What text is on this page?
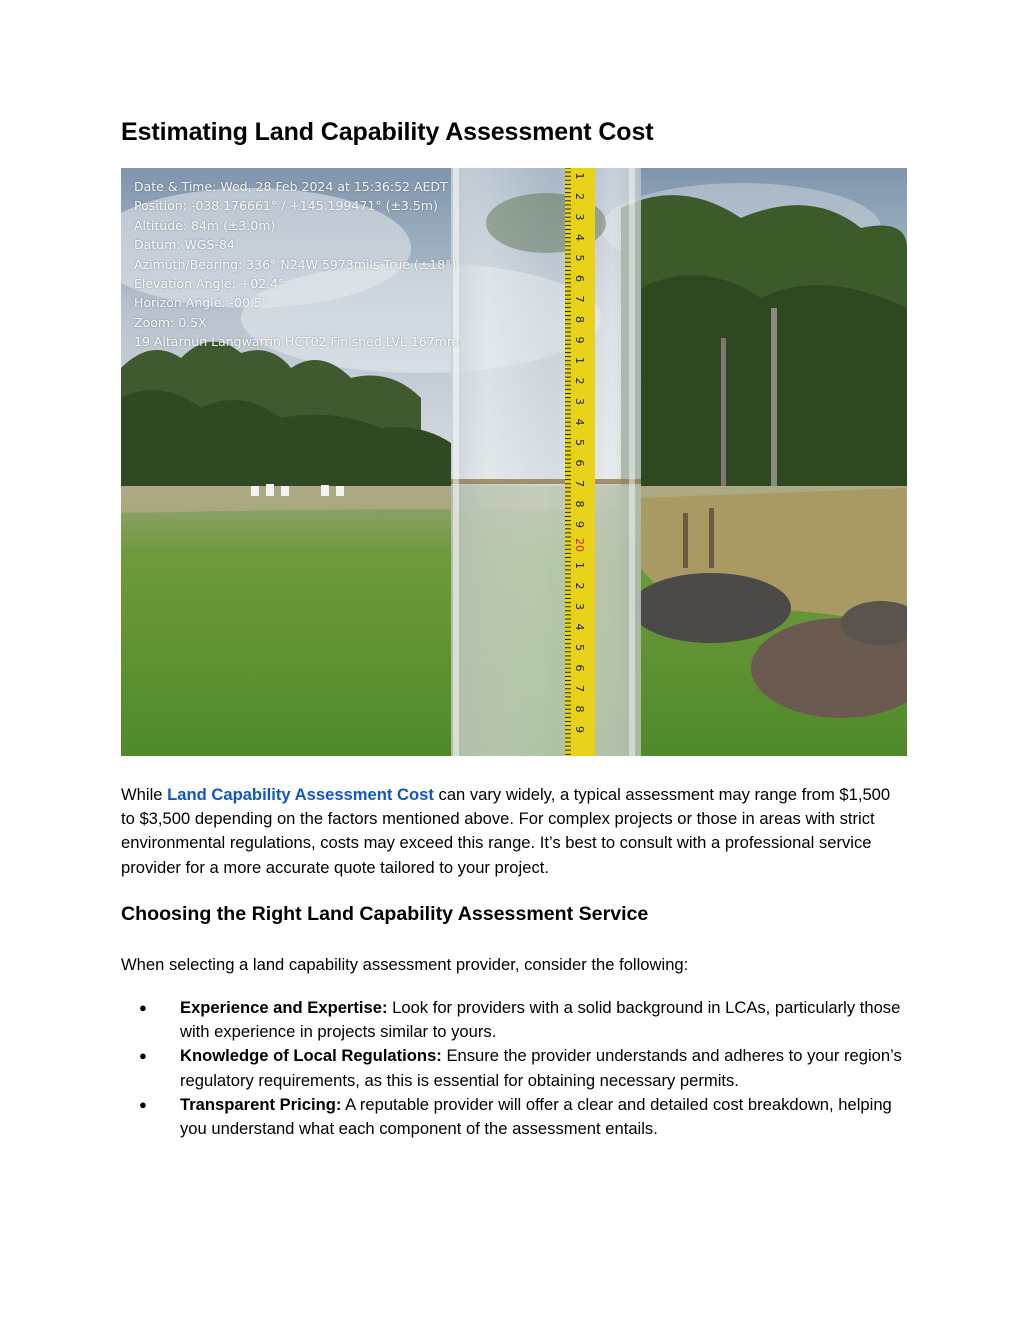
Estimating Land Capability Assessment Cost
1
2
3
4
5
6
7
8
9
1
2
3
4
5
6
7
8
9
20
1
2
3
4
5
6
7
8
9
Date & Time: Wed, 28 Feb 2024 at 15:36:52 AEDT
Position: -038.176661° / +145.199471° (±3.5m)
Altitude: 84m (±3.0m)
Datum: WGS-84
Azimuth/Bearing: 336° N24W 5973mils True (±18°)
Elevation Angle: +02.4°
Horizon Angle: -00.5°
Zoom: 0.5X
19 Altarnun Langwarrin HCT02 Finished LVL 167mm

While Land Capability Assessment Cost can vary widely, a typical assessment may range from $1,500 to $3,500 depending on the factors mentioned above. For complex projects or those in areas with strict environmental regulations, costs may exceed this range. It’s best to consult with a professional service provider for a more accurate quote tailored to your project.

Choosing the Right Land Capability Assessment Service

When selecting a land capability assessment provider, consider the following:

● Experience and Expertise: Look for providers with a solid background in LCAs, particularly those with experience in projects similar to yours.
● Knowledge of Local Regulations: Ensure the provider understands and adheres to your region’s regulatory requirements, as this is essential for obtaining necessary permits.
● Transparent Pricing: A reputable provider will offer a clear and detailed cost breakdown, helping you understand what each component of the assessment entails.
